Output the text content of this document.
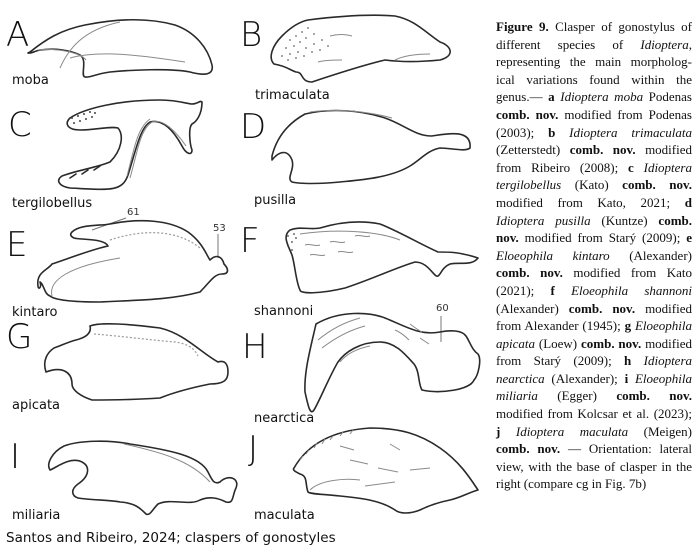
A
moba
B
trimaculata
C
tergilobellus
D
pusilla
E
kintaro
61
53 F
shannoni
G
apicata
H
nearctica
60
I
miliaria
J
maculata
Figure 9. Clasper of gonostylus of different species of Idioptera, representing the main morpholog-ical variations found within the genus.— a Idioptera moba Podenas comb. nov. modified from Podenas (2003); b Idioptera trimaculata (Zetterstedt) comb. nov. modified from Ribeiro (2008); c Idioptera tergilobellus (Kato) comb. nov. modified from Kato, 2021; d Idioptera pusilla (Kuntze) comb. nov. modified from Starý (2009); e Eloeophila kintaro (Alexander) comb. nov. modified from Kato (2021); f Eloeophila shannoni (Alexander) comb. nov. modified from Alexander (1945); g Eloeophila apicata (Loew) comb. nov. modified from Starý (2009); h Idioptera nearctica (Alexander); i Eloeophila miliaria (Egger) comb. nov. modified from Kolcsar et al. (2023); j Idioptera maculata (Meigen) comb. nov. — Orientation: lateral view, with the base of clasper in the right (compare cg in Fig. 7b)
Santos and Ribeiro, 2024; claspers of gonostyles
